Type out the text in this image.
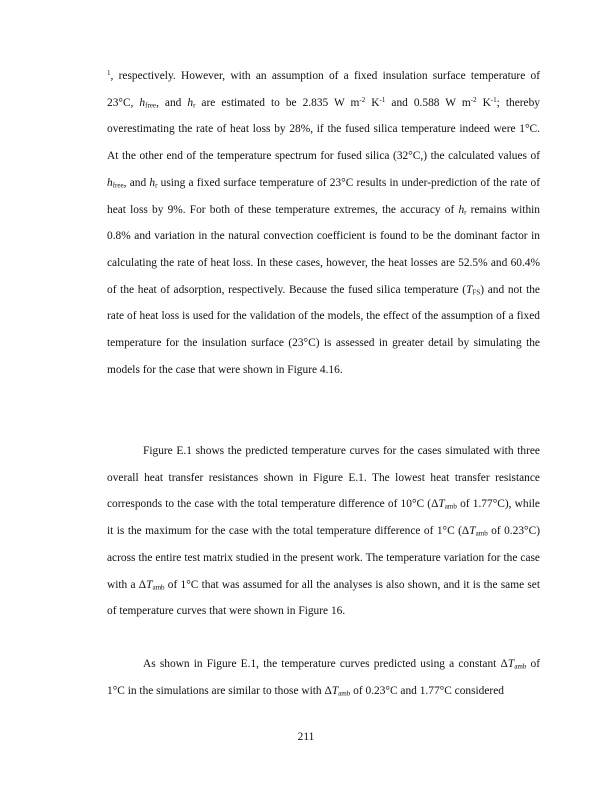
$^1$, respectively. However, with an assumption of a fixed insulation surface temperature of 23°C, $h_{free}$, and $h_r$ are estimated to be 2.835 W $m^{-2}$ $K^{-1}$ and 0.588 W $m^{-2}$ $K^{-1}$; thereby overestimating the rate of heat loss by 28%, if the fused silica temperature indeed were 1°C. At the other end of the temperature spectrum for fused silica (32°C,) the calculated values of $h_{free}$, and $h_r$ using a fixed surface temperature of 23°C results in under-prediction of the rate of heat loss by 9%. For both of these temperature extremes, the accuracy of $h_r$ remains within 0.8% and variation in the natural convection coefficient is found to be the dominant factor in calculating the rate of heat loss. In these cases, however, the heat losses are 52.5% and 60.4% of the heat of adsorption, respectively. Because the fused silica temperature $(T_{FS})$ and not the rate of heat loss is used for the validation of the models, the effect of the assumption of a fixed temperature for the insulation surface (23°C) is assessed in greater detail by simulating the models for the case that were shown in Figure 4.16.

Figure E.1 shows the predicted temperature curves for the cases simulated with three overall heat transfer resistances shown in Figure E.1. The lowest heat transfer resistance corresponds to the case with the total temperature difference of 10°C ($\Delta T_{amb}$ of 1.77°C), while it is the maximum for the case with the total temperature difference of 1°C ($\Delta T_{amb}$ of 0.23°C) across the entire test matrix studied in the present work. The temperature variation for the case with a $\Delta T_{amb}$ of 1°C that was assumed for all the analyses is also shown, and it is the same set of temperature curves that were shown in Figure 16.

As shown in Figure E.1, the temperature curves predicted using a constant $\Delta T_{amb}$ of 1°C in the simulations are similar to those with $\Delta T_{amb}$ of 0.23°C and 1.77°C considered

211
